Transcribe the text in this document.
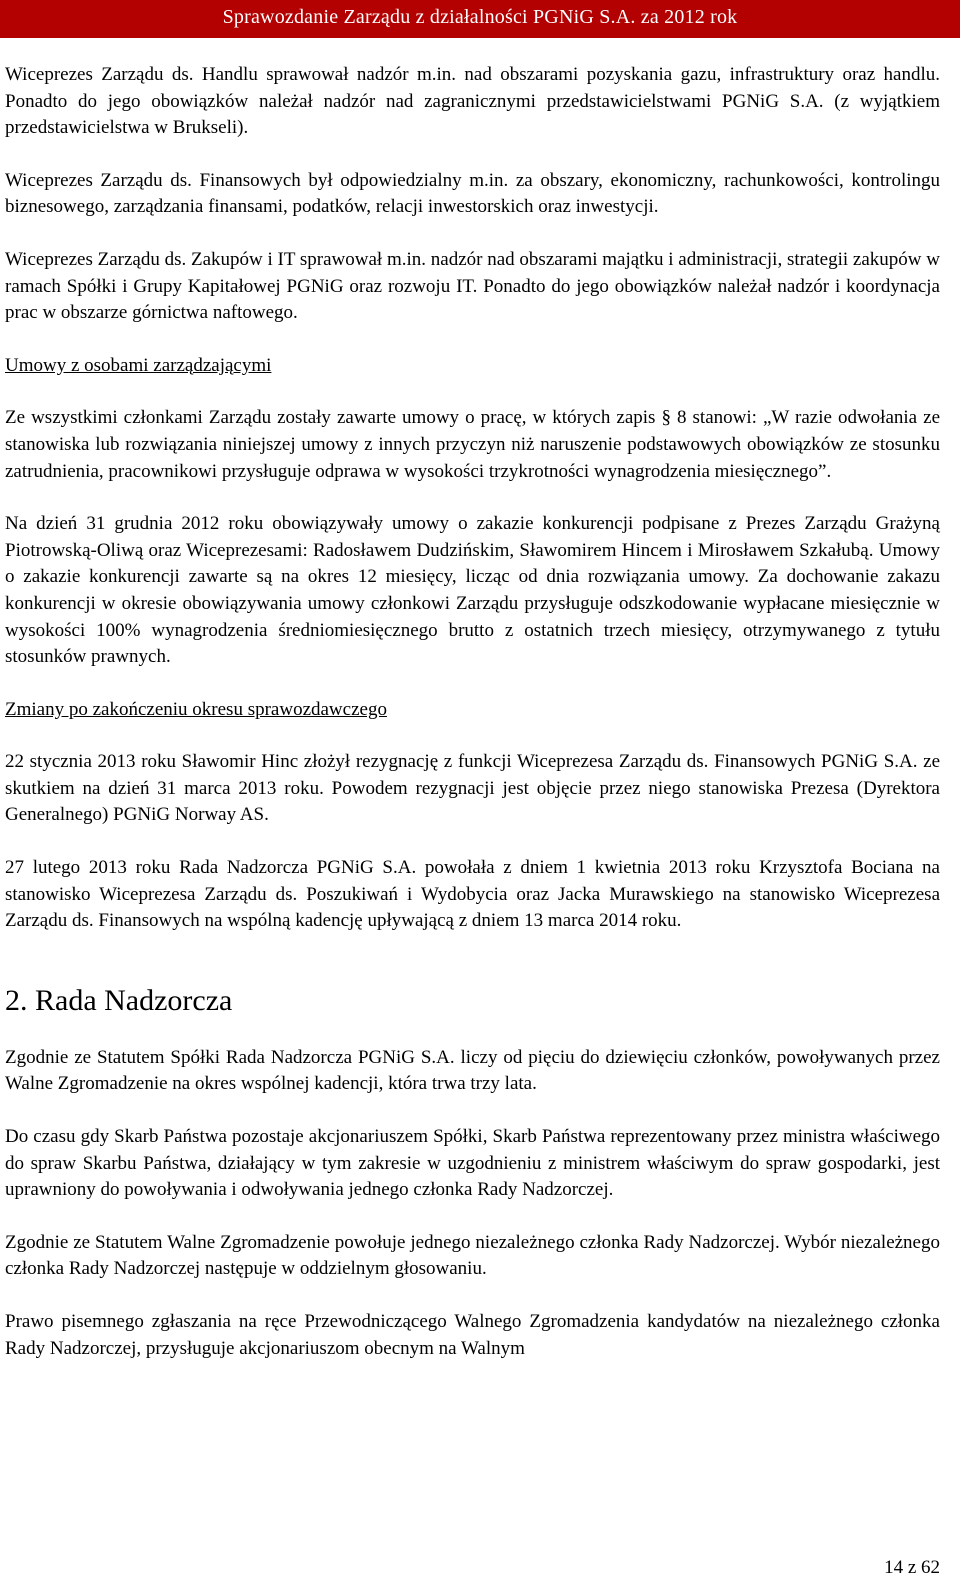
Sprawozdanie Zarządu z działalności PGNiG S.A. za 2012 rok

Wiceprezes Zarządu ds. Handlu sprawował nadzór m.in. nad obszarami pozyskania gazu, infrastruktury oraz handlu. Ponadto do jego obowiązków należał nadzór nad zagranicznymi przedstawicielstwami PGNiG S.A. (z wyjątkiem przedstawicielstwa w Brukseli).

Wiceprezes Zarządu ds. Finansowych był odpowiedzialny m.in. za obszary, ekonomiczny, rachunkowości, kontrolingu biznesowego, zarządzania finansami, podatków, relacji inwestorskich oraz inwestycji.

Wiceprezes Zarządu ds. Zakupów i IT sprawował m.in. nadzór nad obszarami majątku i administracji, strategii zakupów w ramach Spółki i Grupy Kapitałowej PGNiG oraz rozwoju IT. Ponadto do jego obowiązków należał nadzór i koordynacja prac w obszarze górnictwa naftowego.

Umowy z osobami zarządzającymi

Ze wszystkimi członkami Zarządu zostały zawarte umowy o pracę, w których zapis § 8 stanowi: „W razie odwołania ze stanowiska lub rozwiązania niniejszej umowy z innych przyczyn niż naruszenie podstawowych obowiązków ze stosunku zatrudnienia, pracownikowi przysługuje odprawa w wysokości trzykrotności wynagrodzenia miesięcznego”.

Na dzień 31 grudnia 2012 roku obowiązywały umowy o zakazie konkurencji podpisane z Prezes Zarządu Grażyną Piotrowską-Oliwą oraz Wiceprezesami: Radosławem Dudzińskim, Sławomirem Hincem i Mirosławem Szkałubą. Umowy o zakazie konkurencji zawarte są na okres 12 miesięcy, licząc od dnia rozwiązania umowy. Za dochowanie zakazu konkurencji w okresie obowiązywania umowy członkowi Zarządu przysługuje odszkodowanie wypłacane miesięcznie w wysokości 100% wynagrodzenia średniomiesięcznego brutto z ostatnich trzech miesięcy, otrzymywanego z tytułu stosunków prawnych.

Zmiany po zakończeniu okresu sprawozdawczego

22 stycznia 2013 roku Sławomir Hinc złożył rezygnację z funkcji Wiceprezesa Zarządu ds. Finansowych PGNiG S.A. ze skutkiem na dzień 31 marca 2013 roku. Powodem rezygnacji jest objęcie przez niego stanowiska Prezesa (Dyrektora Generalnego) PGNiG Norway AS.

27 lutego 2013 roku Rada Nadzorcza PGNiG S.A. powołała z dniem 1 kwietnia 2013 roku Krzysztofa Bociana na stanowisko Wiceprezesa Zarządu ds. Poszukiwań i Wydobycia oraz Jacka Murawskiego na stanowisko Wiceprezesa Zarządu ds. Finansowych na wspólną kadencję upływającą z dniem 13 marca 2014 roku.

2. Rada Nadzorcza

Zgodnie ze Statutem Spółki Rada Nadzorcza PGNiG S.A. liczy od pięciu do dziewięciu członków, powoływanych przez Walne Zgromadzenie na okres wspólnej kadencji, która trwa trzy lata.

Do czasu gdy Skarb Państwa pozostaje akcjonariuszem Spółki, Skarb Państwa reprezentowany przez ministra właściwego do spraw Skarbu Państwa, działający w tym zakresie w uzgodnieniu z ministrem właściwym do spraw gospodarki, jest uprawniony do powoływania i odwoływania jednego członka Rady Nadzorczej.

Zgodnie ze Statutem Walne Zgromadzenie powołuje jednego niezależnego członka Rady Nadzorczej. Wybór niezależnego członka Rady Nadzorczej następuje w oddzielnym głosowaniu.

Prawo pisemnego zgłaszania na ręce Przewodniczącego Walnego Zgromadzenia kandydatów na niezależnego członka Rady Nadzorczej, przysługuje akcjonariuszom obecnym na Walnym

14 z 62
